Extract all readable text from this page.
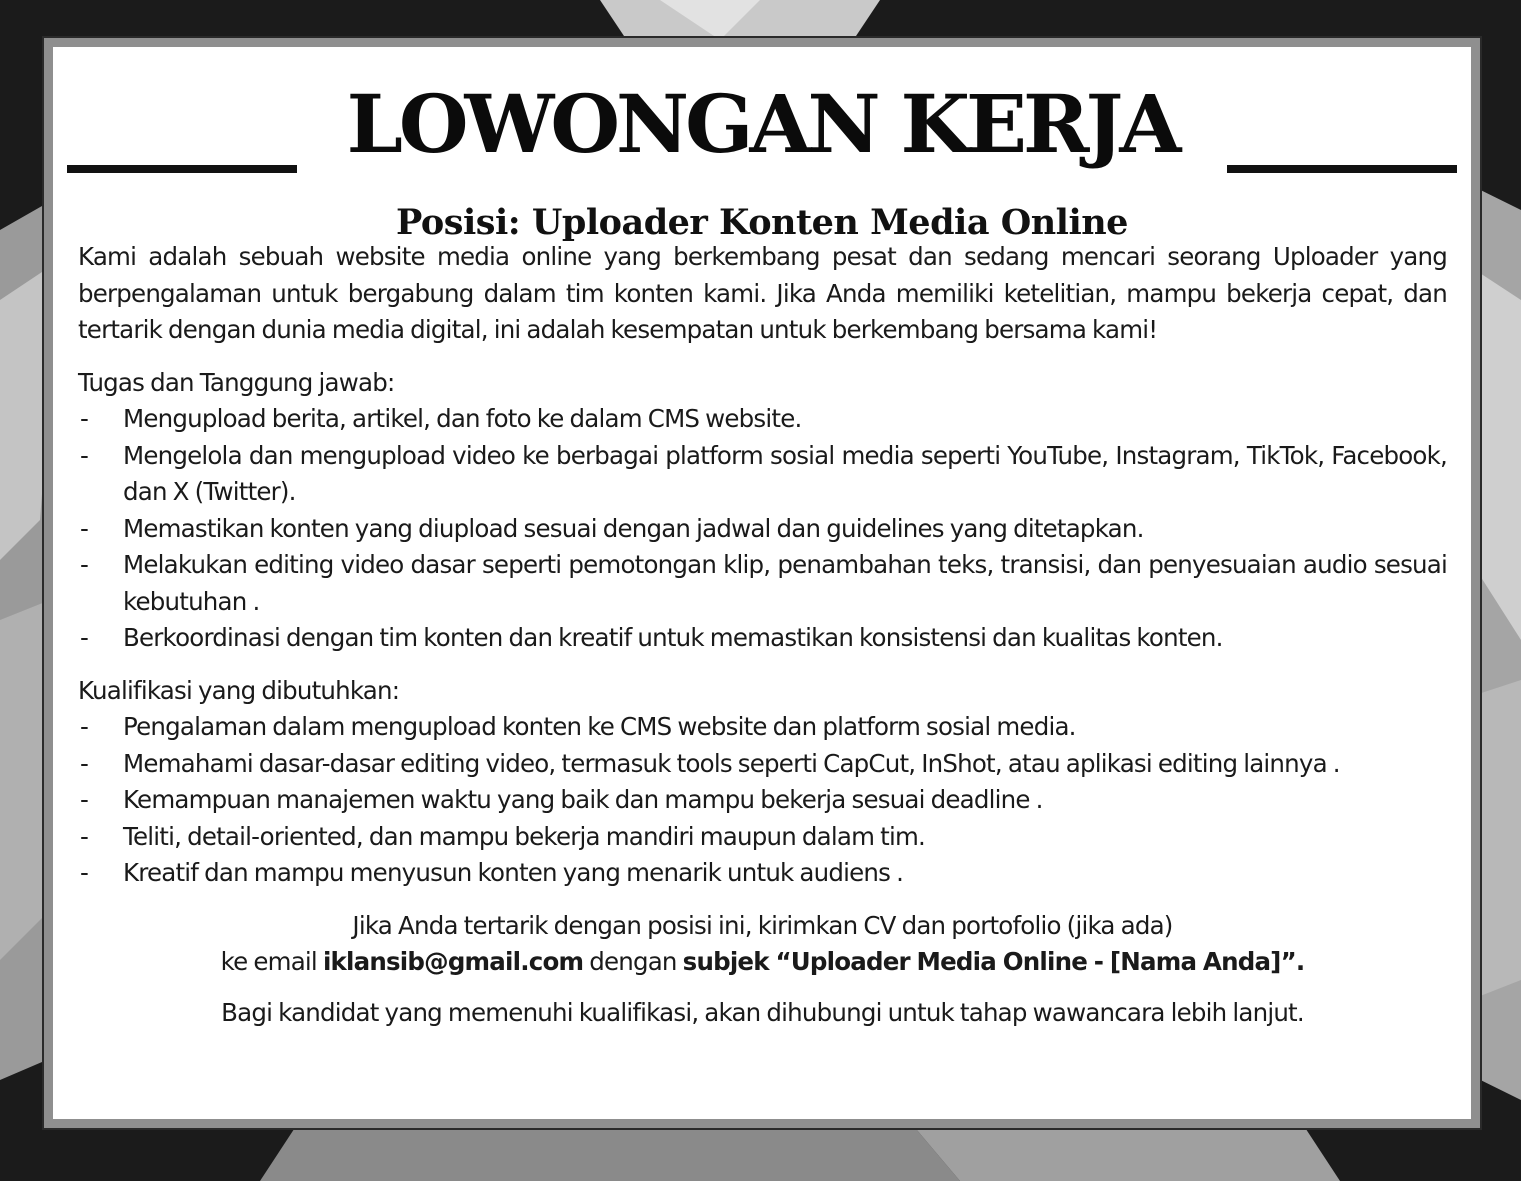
LOWONGAN KERJA
Posisi: Uploader Konten Media Online

Kami adalah sebuah website media online yang berkembang pesat dan sedang mencari seorang Uploader yang berpengalaman untuk bergabung dalam tim konten kami. Jika Anda memiliki ketelitian, mampu bekerja cepat, dan tertarik dengan dunia media digital, ini adalah kesempatan untuk berkembang bersama kami!

Tugas dan Tanggung jawab:

- Mengupload berita, artikel, dan foto ke dalam CMS website.
- Mengelola dan mengupload video ke berbagai platform sosial media seperti YouTube, Instagram, TikTok, Facebook, dan X (Twitter).
- Memastikan konten yang diupload sesuai dengan jadwal dan guidelines yang ditetapkan.
- Melakukan editing video dasar seperti pemotongan klip, penambahan teks, transisi, dan penyesuaian audio sesuai kebutuhan .
- Berkoordinasi dengan tim konten dan kreatif untuk memastikan konsistensi dan kualitas konten.

Kualifikasi yang dibutuhkan:

- Pengalaman dalam mengupload konten ke CMS website dan platform sosial media.
- Memahami dasar-dasar editing video, termasuk tools seperti CapCut, InShot, atau aplikasi editing lainnya .
- Kemampuan manajemen waktu yang baik dan mampu bekerja sesuai deadline .
- Teliti, detail-oriented, dan mampu bekerja mandiri maupun dalam tim.
- Kreatif dan mampu menyusun konten yang menarik untuk audiens .

Jika Anda tertarik dengan posisi ini, kirimkan CV dan portofolio (jika ada)
ke email iklansib@gmail.com dengan subjek “Uploader Media Online - [Nama Anda]”.

Bagi kandidat yang memenuhi kualifikasi, akan dihubungi untuk tahap wawancara lebih lanjut.
